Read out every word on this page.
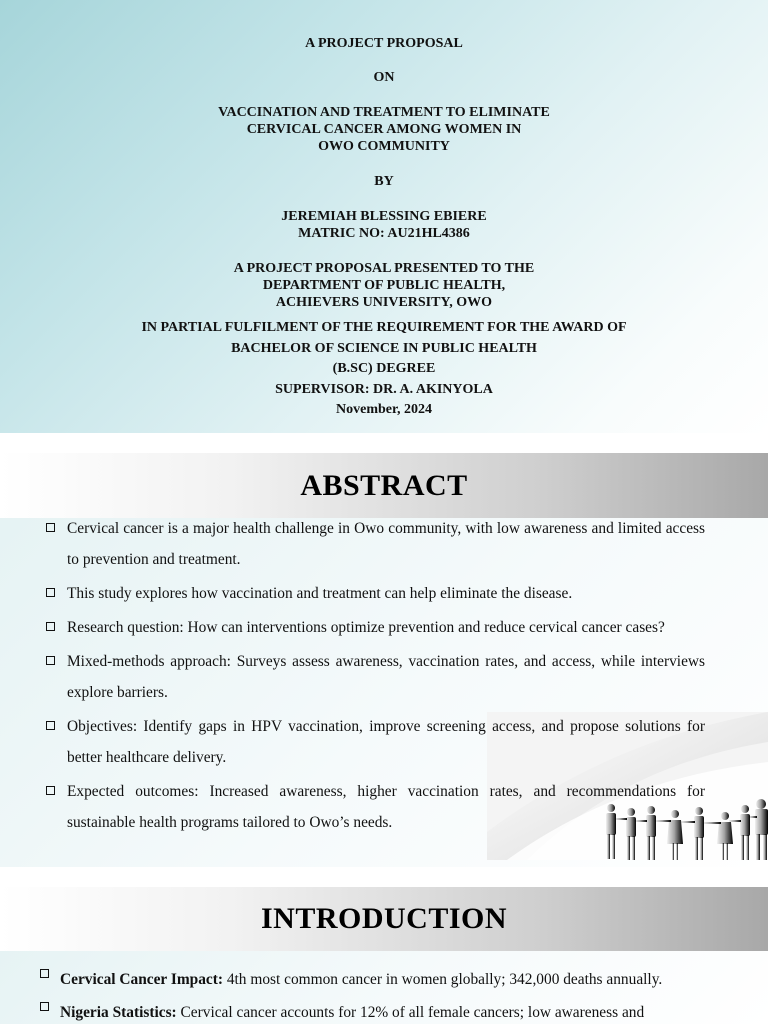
A PROJECT PROPOSAL
ON
VACCINATION AND TREATMENT TO ELIMINATE
CERVICAL CANCER AMONG WOMEN IN
OWO COMMUNITY
BY
JEREMIAH BLESSING EBIERE
MATRIC NO: AU21HL4386
A PROJECT PROPOSAL PRESENTED TO THE
DEPARTMENT OF PUBLIC HEALTH,
ACHIEVERS UNIVERSITY, OWO
IN PARTIAL FULFILMENT OF THE REQUIREMENT FOR THE AWARD OF
BACHELOR OF SCIENCE IN PUBLIC HEALTH
(B.SC) DEGREE
SUPERVISOR: DR. A. AKINYOLA
November, 2024
ABSTRACT
Cervical cancer is a major health challenge in Owo community, with low awareness and limited access to prevention and treatment.
This study explores how vaccination and treatment can help eliminate the disease.
Research question: How can interventions optimize prevention and reduce cervical cancer cases?
Mixed-methods approach: Surveys assess awareness, vaccination rates, and access, while interviews explore barriers.
Objectives: Identify gaps in HPV vaccination, improve screening access, and propose solutions for better healthcare delivery.
Expected outcomes: Increased awareness, higher vaccination rates, and recommendations for sustainable health programs tailored to Owo’s needs.
INTRODUCTION
Cervical Cancer Impact: 4th most common cancer in women globally; 342,000 deaths annually.
Nigeria Statistics: Cervical cancer accounts for 12% of all female cancers; low awareness and
